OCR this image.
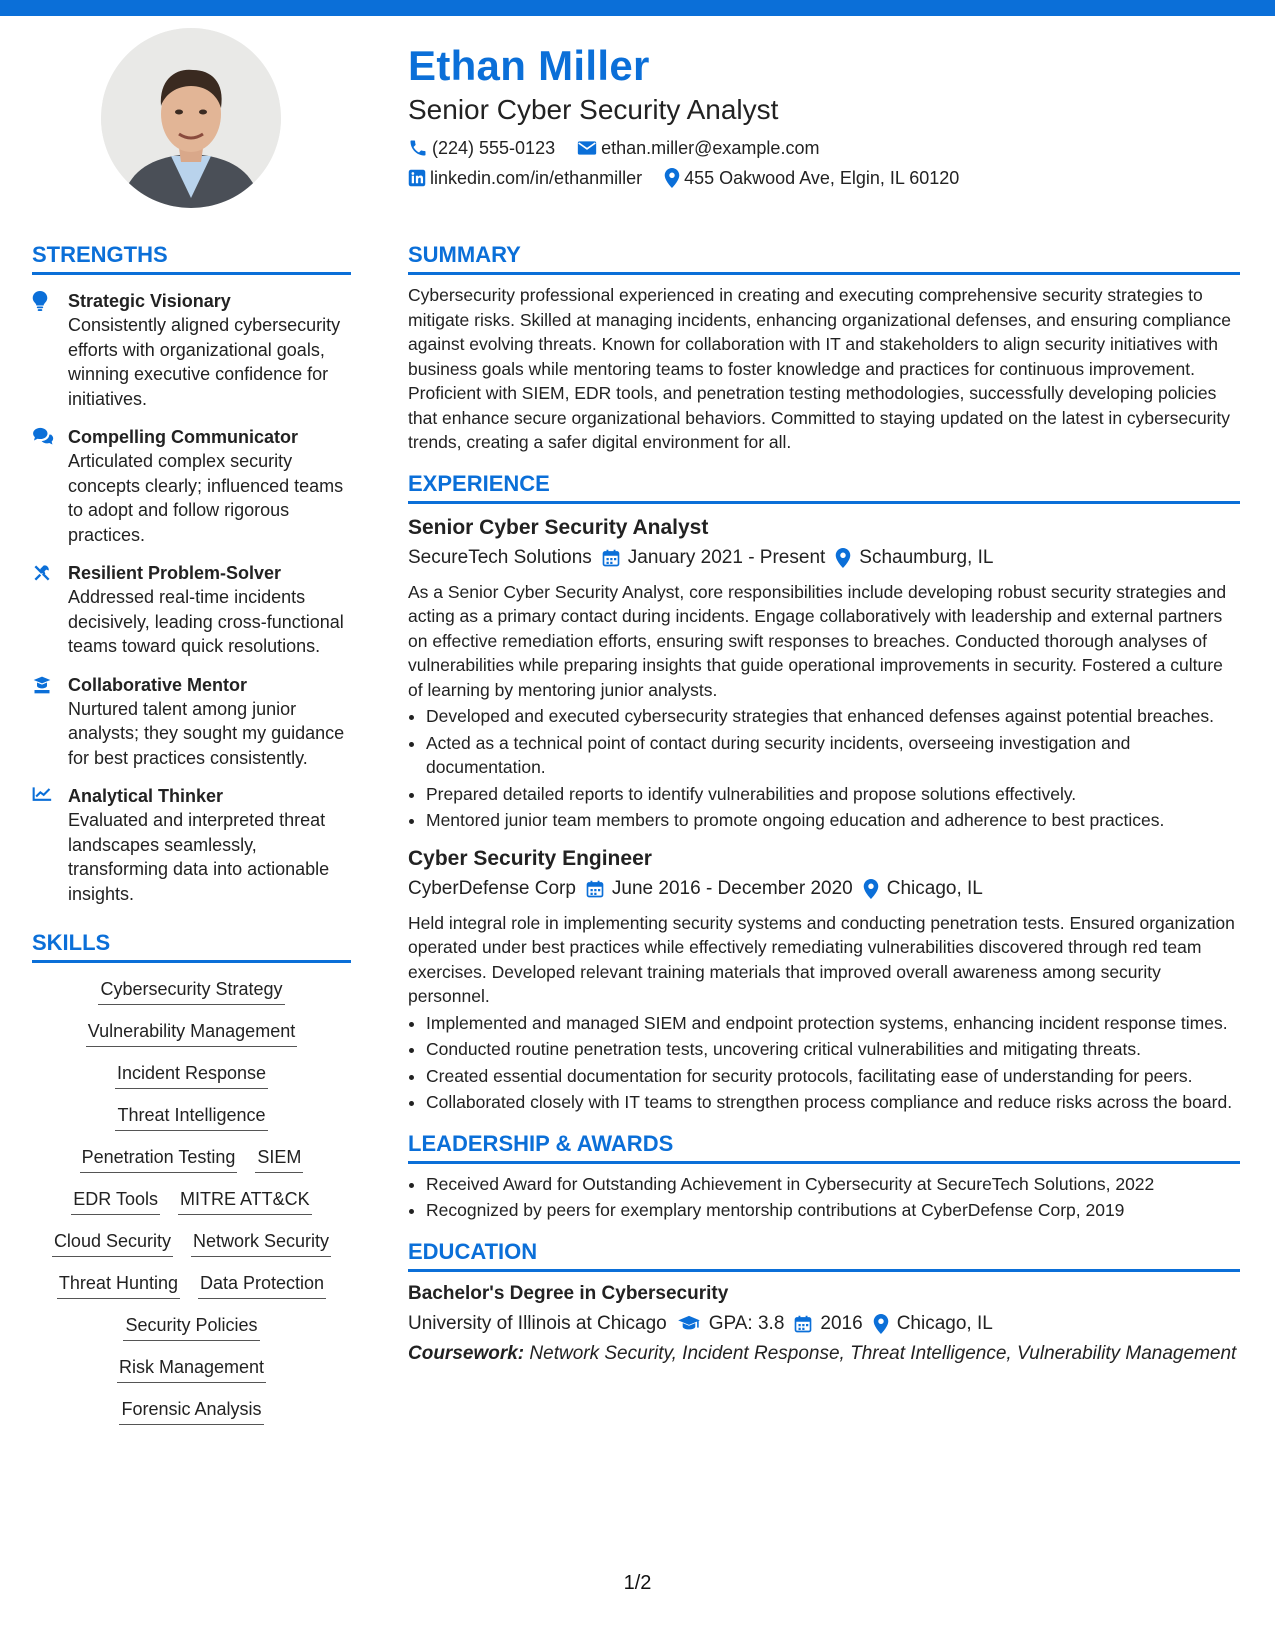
Ethan Miller
Senior Cyber Security Analyst
(224) 555-0123	ethan.miller@example.com
linkedin.com/in/ethanmiller 455 Oakwood Ave, Elgin, IL 60120
STRENGTHS
Strategic Visionary
Consistently aligned cybersecurity efforts with organizational goals, winning executive confidence for initiatives.
Compelling Communicator
Articulated complex security concepts clearly; influenced teams to adopt and follow rigorous practices.
Resilient Problem-Solver
Addressed real-time incidents decisively, leading cross-functional teams toward quick resolutions.
Collaborative Mentor
Nurtured talent among junior analysts; they sought my guidance for best practices consistently.
Analytical Thinker
Evaluated and interpreted threat landscapes seamlessly, transforming data into actionable insights.
SKILLS
Cybersecurity Strategy
Vulnerability Management
Incident Response
Threat Intelligence
Penetration Testing SIEM
EDR Tools MITRE ATT&CK
Cloud Security Network Security
Threat Hunting Data Protection
Security Policies
Risk Management
Forensic Analysis
SUMMARY

Cybersecurity professional experienced in creating and executing comprehensive security strategies to mitigate risks. Skilled at managing incidents, enhancing organizational defenses, and ensuring compliance against evolving threats. Known for collaboration with IT and stakeholders to align security initiatives with business goals while mentoring teams to foster knowledge and practices for continuous improvement. Proficient with SIEM, EDR tools, and penetration testing methodologies, successfully developing policies that enhance secure organizational behaviors. Committed to staying updated on the latest in cybersecurity trends, creating a safer digital environment for all.

EXPERIENCE
Senior Cyber Security Analyst
SecureTech Solutions January 2021 - Present Schaumburg, IL

As a Senior Cyber Security Analyst, core responsibilities include developing robust security strategies and acting as a primary contact during incidents. Engage collaboratively with leadership and external partners on effective remediation efforts, ensuring swift responses to breaches. Conducted thorough analyses of vulnerabilities while preparing insights that guide operational improvements in security. Fostered a culture of learning by mentoring junior analysts.

• Developed and executed cybersecurity strategies that enhanced defenses against potential breaches.
• Acted as a technical point of contact during security incidents, overseeing investigation and documentation.
• Prepared detailed reports to identify vulnerabilities and propose solutions effectively.
• Mentored junior team members to promote ongoing education and adherence to best practices.
Cyber Security Engineer
CyberDefense Corp June 2016 - December 2020 Chicago, IL

Held integral role in implementing security systems and conducting penetration tests. Ensured organization operated under best practices while effectively remediating vulnerabilities discovered through red team exercises. Developed relevant training materials that improved overall awareness among security personnel.

• Implemented and managed SIEM and endpoint protection systems, enhancing incident response times.
• Conducted routine penetration tests, uncovering critical vulnerabilities and mitigating threats.
• Created essential documentation for security protocols, facilitating ease of understanding for peers.
• Collaborated closely with IT teams to strengthen process compliance and reduce risks across the board.
LEADERSHIP & AWARDS
• Received Award for Outstanding Achievement in Cybersecurity at SecureTech Solutions, 2022
• Recognized by peers for exemplary mentorship contributions at CyberDefense Corp, 2019
EDUCATION
Bachelor's Degree in Cybersecurity
University of Illinois at Chicago GPA: 3.8 2016 Chicago, IL
Coursework: Network Security, Incident Response, Threat Intelligence, Vulnerability Management
1/2
